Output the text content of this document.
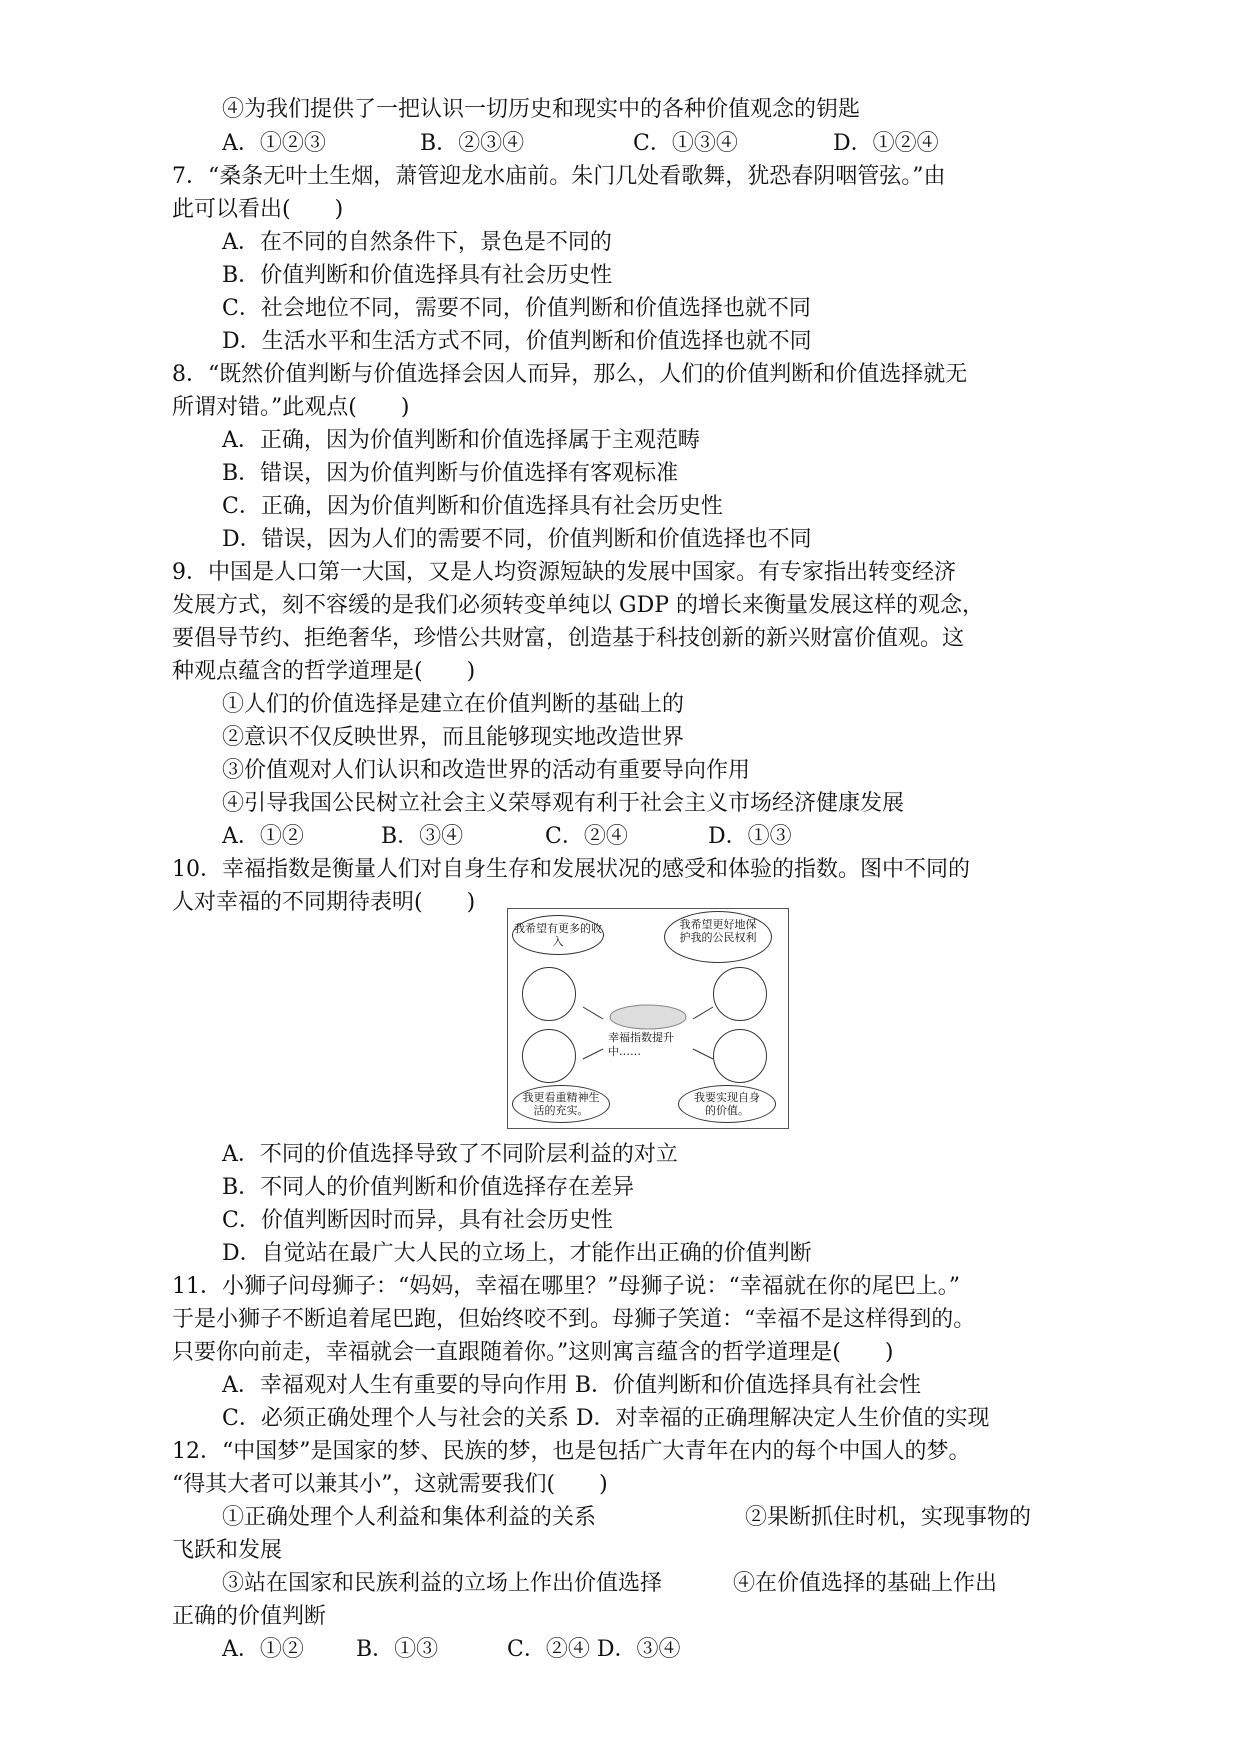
④为我们提供了一把认识一切历史和现实中的各种价值观念的钥匙
A．①②③	B．②③④	C．①③④	D．①②④
7．“桑条无叶土生烟，萧管迎龙水庙前。朱门几处看歌舞，犹恐春阴咽管弦。”由
此可以看出(　　)
A．在不同的自然条件下，景色是不同的
B．价值判断和价值选择具有社会历史性
C．社会地位不同，需要不同，价值判断和价值选择也就不同
D．生活水平和生活方式不同，价值判断和价值选择也就不同
8．“既然价值判断与价值选择会因人而异，那么，人们的价值判断和价值选择就无
所谓对错。”此观点(　　)
A．正确，因为价值判断和价值选择属于主观范畴
B．错误，因为价值判断与价值选择有客观标准
C．正确，因为价值判断和价值选择具有社会历史性
D．错误，因为人们的需要不同，价值判断和价值选择也不同
9．中国是人口第一大国，又是人均资源短缺的发展中国家。有专家指出转变经济
发展方式，刻不容缓的是我们必须转变单纯以 GDP 的增长来衡量发展这样的观念，
要倡导节约、拒绝奢华，珍惜公共财富，创造基于科技创新的新兴财富价值观。这
种观点蕴含的哲学道理是(　　)
①人们的价值选择是建立在价值判断的基础上的
②意识不仅反映世界，而且能够现实地改造世界
③价值观对人们认识和改造世界的活动有重要导向作用
④引导我国公民树立社会主义荣辱观有利于社会主义市场经济健康发展
A．①②	B．③④	C．②④	D．①③
10．幸福指数是衡量人们对自身生存和发展状况的感受和体验的指数。图中不同的
人对幸福的不同期待表明(　　)
我希望有更多的收入
我希望更好地保护我的公民权利
幸福指数提升中……
我更看重精神生活的充实。
我要实现自身的价值。
A．不同的价值选择导致了不同阶层利益的对立
B．不同人的价值判断和价值选择存在差异
C．价值判断因时而异，具有社会历史性
D．自觉站在最广大人民的立场上，才能作出正确的价值判断
11．小狮子问母狮子：“妈妈，幸福在哪里？”母狮子说：“幸福就在你的尾巴上。”
于是小狮子不断追着尾巴跑，但始终咬不到。母狮子笑道：“幸福不是这样得到的。
只要你向前走，幸福就会一直跟随着你。”这则寓言蕴含的哲学道理是(　　)
A．幸福观对人生有重要的导向作用 B．价值判断和价值选择具有社会性
C．必须正确处理个人与社会的关系 D．对幸福的正确理解决定人生价值的实现
12．“中国梦”是国家的梦、民族的梦，也是包括广大青年在内的每个中国人的梦。
“得其大者可以兼其小”，这就需要我们(　　)
①正确处理个人利益和集体利益的关系	②果断抓住时机，实现事物的
飞跃和发展
③站在国家和民族利益的立场上作出价值选择	④在价值选择的基础上作出
正确的价值判断
A．①② B．①③	C．②④ D．③④
